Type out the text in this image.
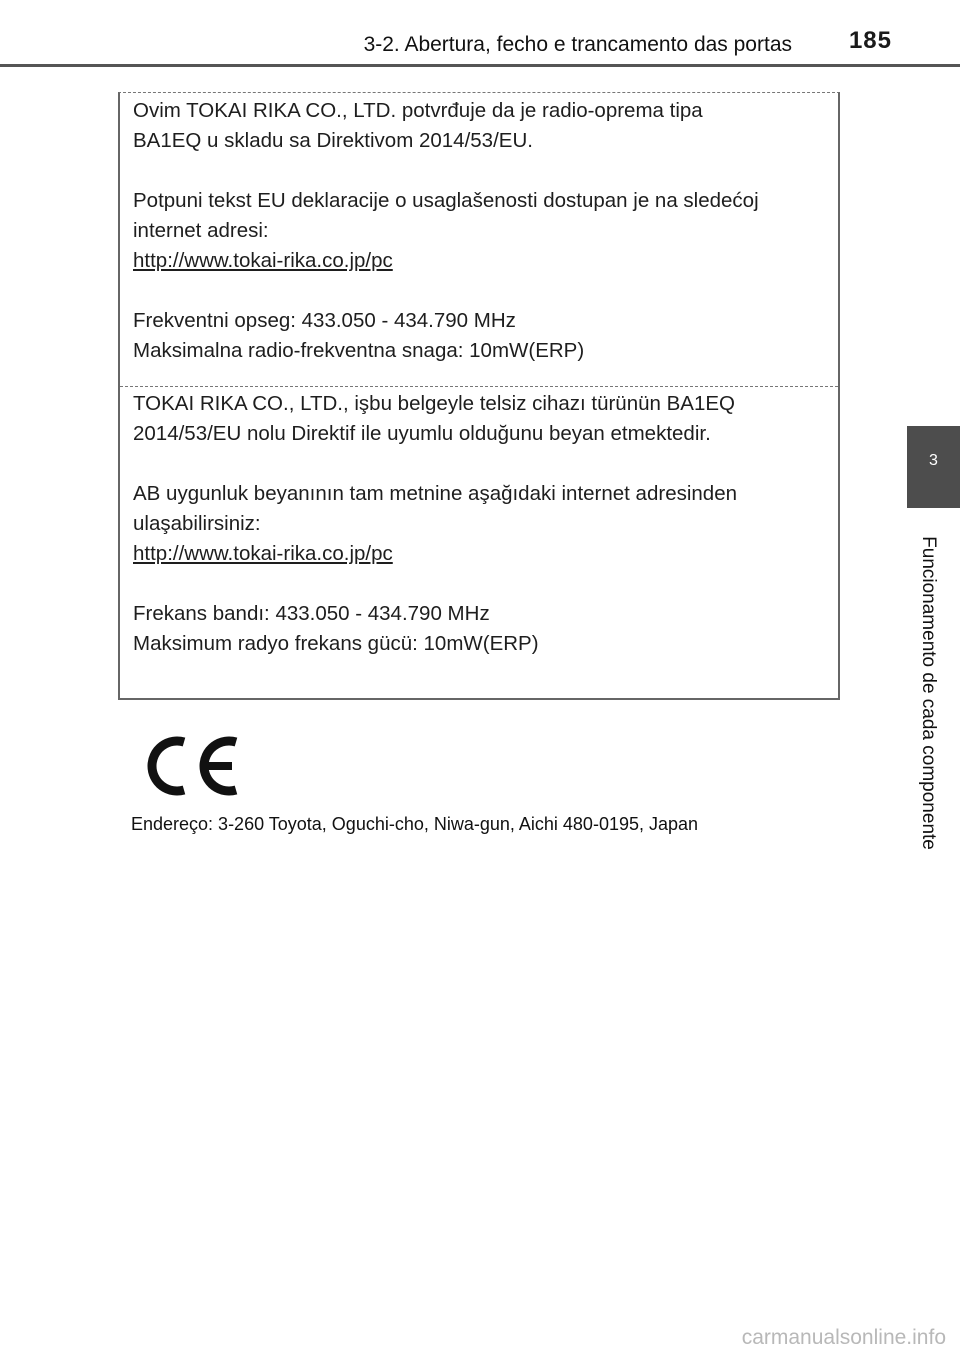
3-2. Abertura, fecho e trancamento das portas 185
3
Funcionamento de cada componente

Ovim TOKAI RIKA CO., LTD. potvrđuje da je radio-oprema tipa
BA1EQ u skladu sa Direktivom 2014/53/EU.

Potpuni tekst EU deklaracije o usaglašenosti dostupan je na sledećoj
internet adresi:
http://www.tokai-rika.co.jp/pc

Frekventni opseg: 433.050 - 434.790 MHz
Maksimalna radio-frekventna snaga: 10mW(ERP)

TOKAI RIKA CO., LTD., işbu belgeyle telsiz cihazı türünün BA1EQ
2014/53/EU nolu Direktif ile uyumlu olduğunu beyan etmektedir.

AB uygunluk beyanının tam metnine aşağıdaki internet adresinden
ulaşabilirsiniz:
http://www.tokai-rika.co.jp/pc

Frekans bandı: 433.050 - 434.790 MHz
Maksimum radyo frekans gücü: 10mW(ERP)

Endereço: 3-260 Toyota, Oguchi-cho, Niwa-gun, Aichi 480-0195, Japan
carmanualsonline.info
